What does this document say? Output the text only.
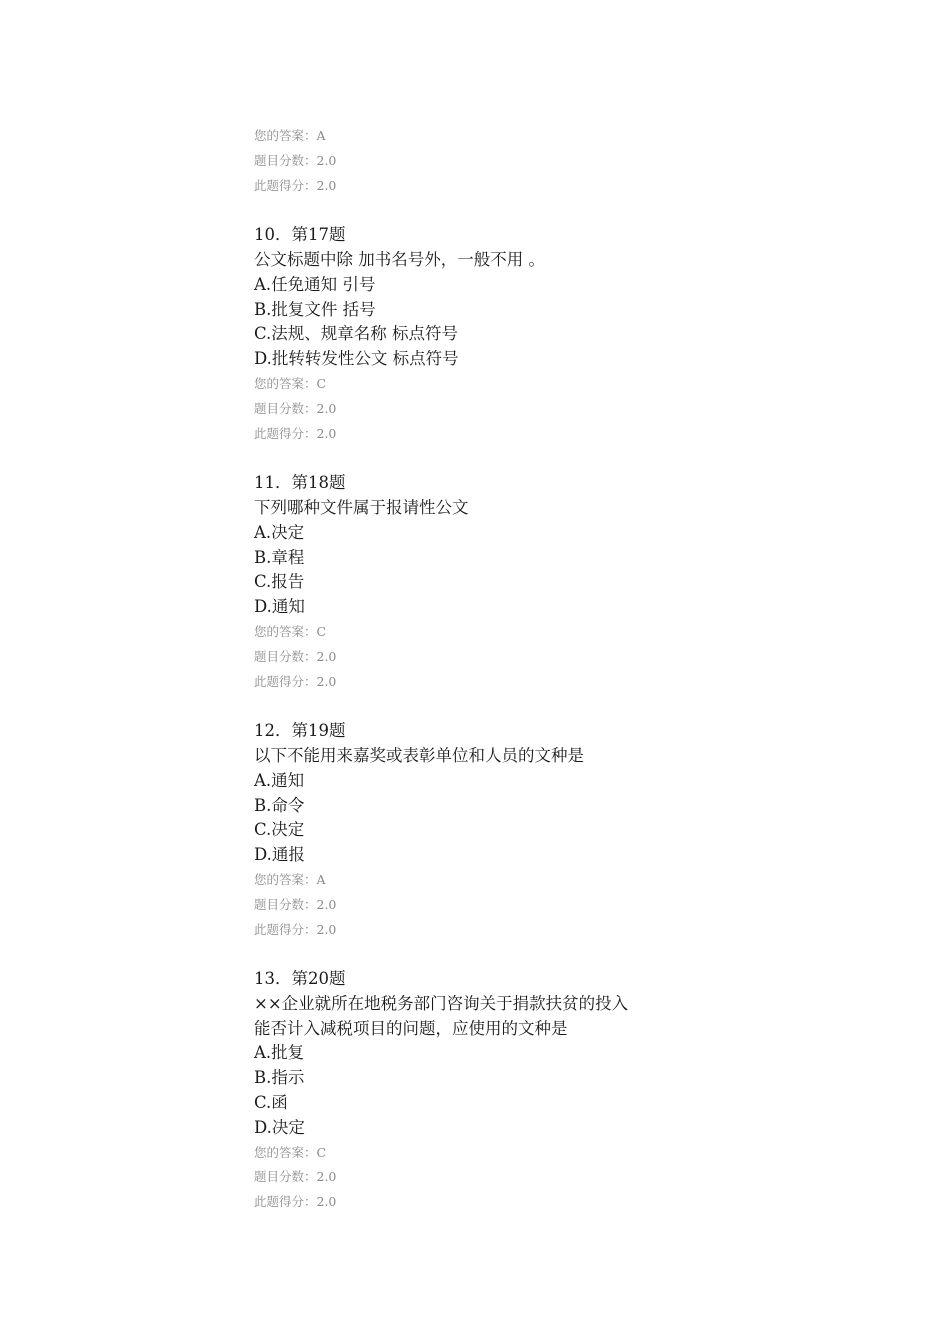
您的答案：A
题目分数：2.0
此题得分：2.0
10．第17题
公文标题中除 加书名号外，一般不用 。
A.任免通知 引号
B.批复文件 括号
C.法规、规章名称 标点符号
D.批转转发性公文 标点符号
您的答案：C
题目分数：2.0
此题得分：2.0
11．第18题
下列哪种文件属于报请性公文
A.决定
B.章程
C.报告
D.通知
您的答案：C
题目分数：2.0
此题得分：2.0
12．第19题
以下不能用来嘉奖或表彰单位和人员的文种是
A.通知
B.命令
C.决定
D.通报
您的答案：A
题目分数：2.0
此题得分：2.0
13．第20题
××企业就所在地税务部门咨询关于捐款扶贫的投入
能否计入减税项目的问题，应使用的文种是
A.批复
B.指示
C.函
D.决定
您的答案：C
题目分数：2.0
此题得分：2.0
